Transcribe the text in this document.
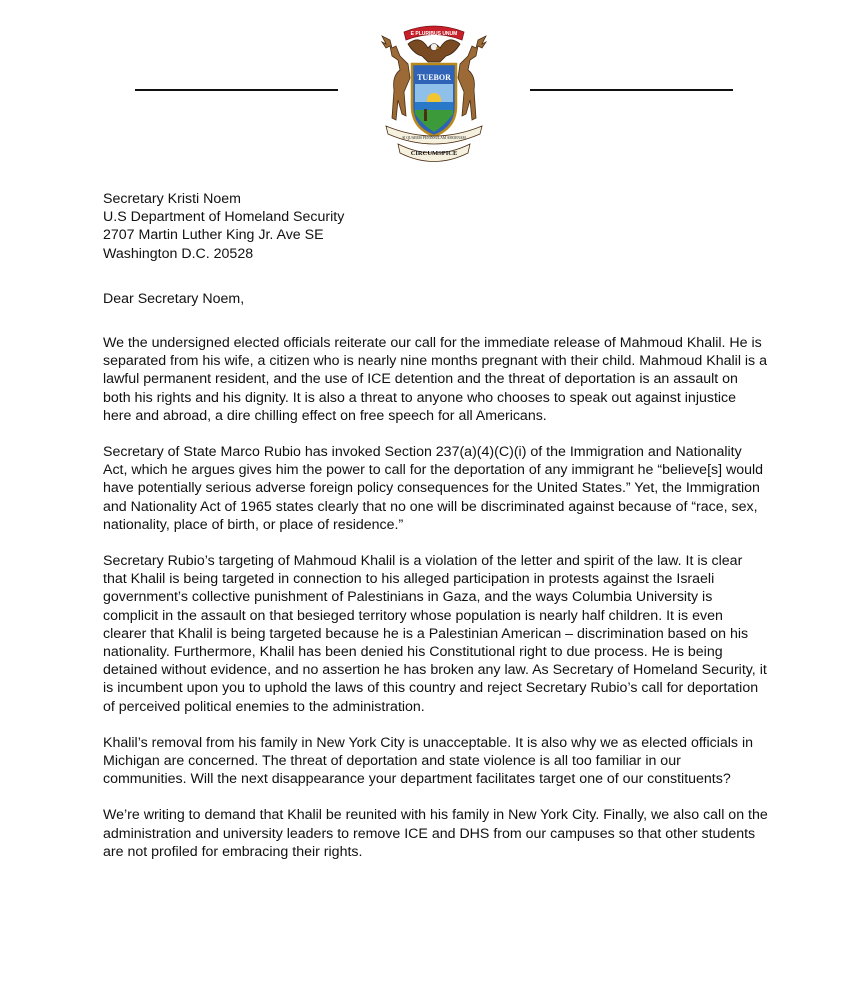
E PLURIBUS UNUM
TUEBOR
SI QUAERIS PENINSULAM AMOENAM
CIRCUMSPICE

Secretary Kristi Noem

U.S Department of Homeland Security

2707 Martin Luther King Jr. Ave SE

Washington D.C. 20528

Dear Secretary Noem,

We the undersigned elected officials reiterate our call for the immediate release of Mahmoud Khalil. He is separated from his wife, a citizen who is nearly nine months pregnant with their child. Mahmoud Khalil is a lawful permanent resident, and the use of ICE detention and the threat of deportation is an assault on both his rights and his dignity. It is also a threat to anyone who chooses to speak out against injustice here and abroad, a dire chilling effect on free speech for all Americans.

Secretary of State Marco Rubio has invoked Section 237(a)(4)(C)(i) of the Immigration and Nationality Act, which he argues gives him the power to call for the deportation of any immigrant he “believe[s] would have potentially serious adverse foreign policy consequences for the United States.” Yet, the Immigration and Nationality Act of 1965 states clearly that no one will be discriminated against because of “race, sex, nationality, place of birth, or place of residence.”

Secretary Rubio’s targeting of Mahmoud Khalil is a violation of the letter and spirit of the law. It is clear that Khalil is being targeted in connection to his alleged participation in protests against the Israeli government’s collective punishment of Palestinians in Gaza, and the ways Columbia University is complicit in the assault on that besieged territory whose population is nearly half children. It is even clearer that Khalil is being targeted because he is a Palestinian American – discrimination based on his nationality. Furthermore, Khalil has been denied his Constitutional right to due process. He is being detained without evidence, and no assertion he has broken any law. As Secretary of Homeland Security, it is incumbent upon you to uphold the laws of this country and reject Secretary Rubio’s call for deportation of perceived political enemies to the administration.

Khalil’s removal from his family in New York City is unacceptable. It is also why we as elected officials in Michigan are concerned. The threat of deportation and state violence is all too familiar in our communities. Will the next disappearance your department facilitates target one of our constituents?

We’re writing to demand that Khalil be reunited with his family in New York City. Finally, we also call on the administration and university leaders to remove ICE and DHS from our campuses so that other students are not profiled for embracing their rights.
